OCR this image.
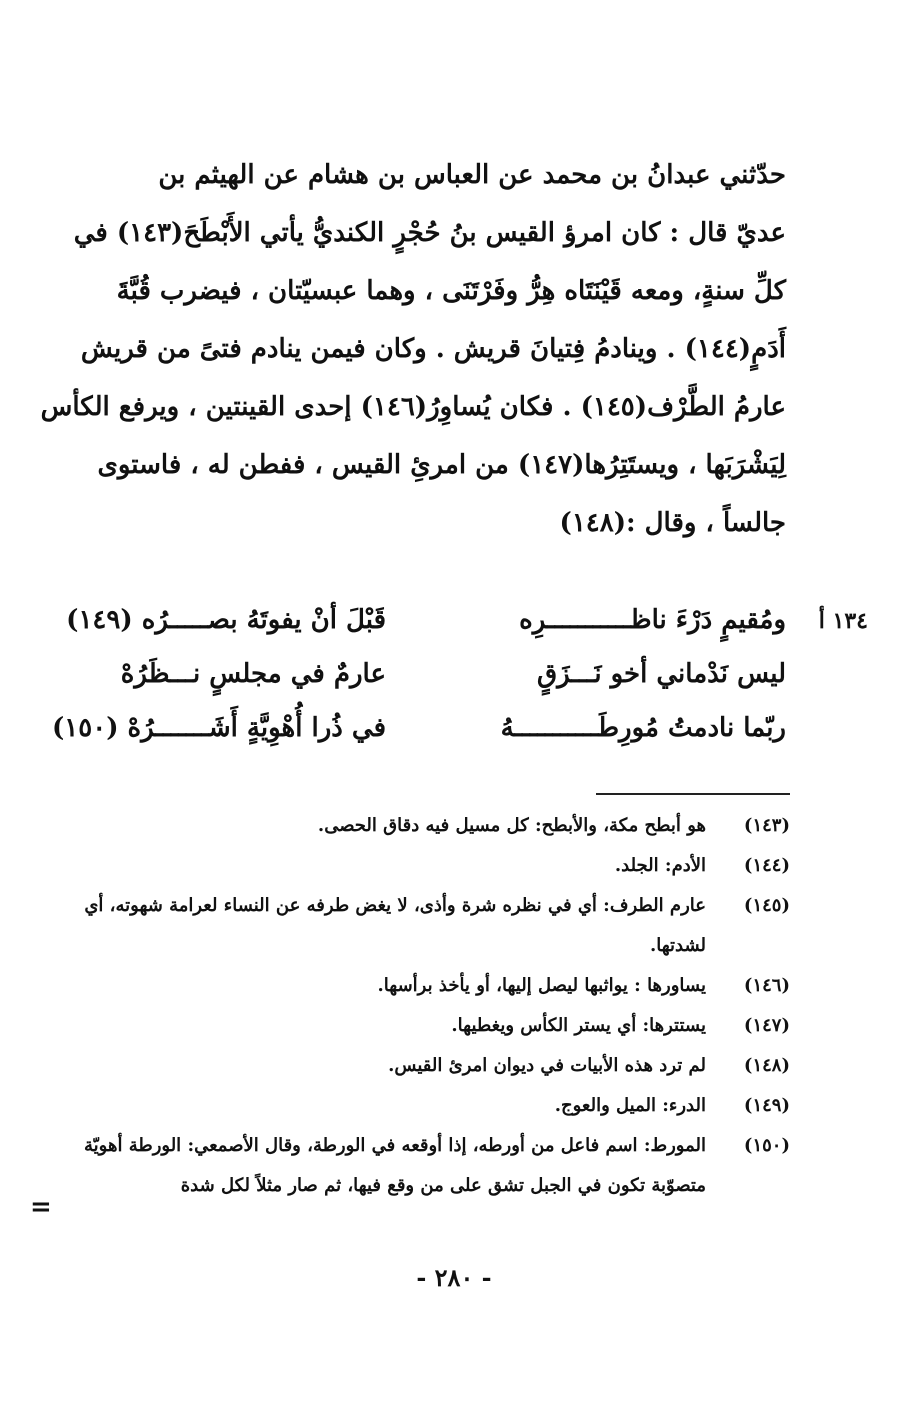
حدّثني عبدانُ بن محمد عن العباس بن هشام عن الهيثم بن
عديّ قال : كان امرؤ القيس بنُ حُجْرٍ الكنديُّ يأتي الأَبْطَحَ(١٤٣) في
كلِّ سنةٍ، ومعه قَيْنَتَاه هِرُّ وفَرْتَنَى ، وهما عبسيّتان ، فيضرب قُبَّةَ
أَدَمٍ(١٤٤) . وينادمُ فِتيانَ قريش . وكان فيمن ينادم فتىً من قريش
عارمُ الطَّرْف(١٤٥) . فكان يُساوِرُ(١٤٦) إحدى القينتين ، ويرفع الكأس
لِيَشْرَبَها ، ويستَتِرُها(١٤٧) من امرئِ القيس ، ففطن له ، فاستوى
جالساً ، وقال :(١٤٨)
١٣٤ أ
ومُقيمٍ دَرْءَ ناظـــــــــــرِه
قَبْلَ أنْ يفوتَهُ بصـــــرُه (١٤٩)
ليس نَدْماني أخو نَـــزَقٍ
عارمٌ في مجلسٍ نـــظَرُهْ
ربّما نادمتُ مُورِطَـــــــــــهُ
في ذُرا أُهْوِيَّةٍ أَشَـــــــرُهْ (١٥٠)
(١٤٣)
هو أبطح مكة، والأبطح: كل مسيل فيه دقاق الحصى.
(١٤٤)
الأدم: الجلد.
(١٤٥)
عارم الطرف: أي في نظره شرة وأذى، لا يغض طرفه عن النساء لعرامة شهوته، أي لشدتها.
(١٤٦)
يساورها : يواثبها ليصل إليها، أو يأخذ برأسها.
(١٤٧)
يستترها: أي يستر الكأس ويغطيها.
(١٤٨)
لم ترد هذه الأبيات في ديوان امرئ القيس.
(١٤٩)
الدرء: الميل والعوج.
(١٥٠)
المورط: اسم فاعل من أورطه، إذا أوقعه في الورطة، وقال الأصمعي: الورطة أهويّة متصوّبة تكون في الجبل تشق على من وقع فيها، ثم صار مثلاً لكل شدة
=
- ٢٨٠ -
